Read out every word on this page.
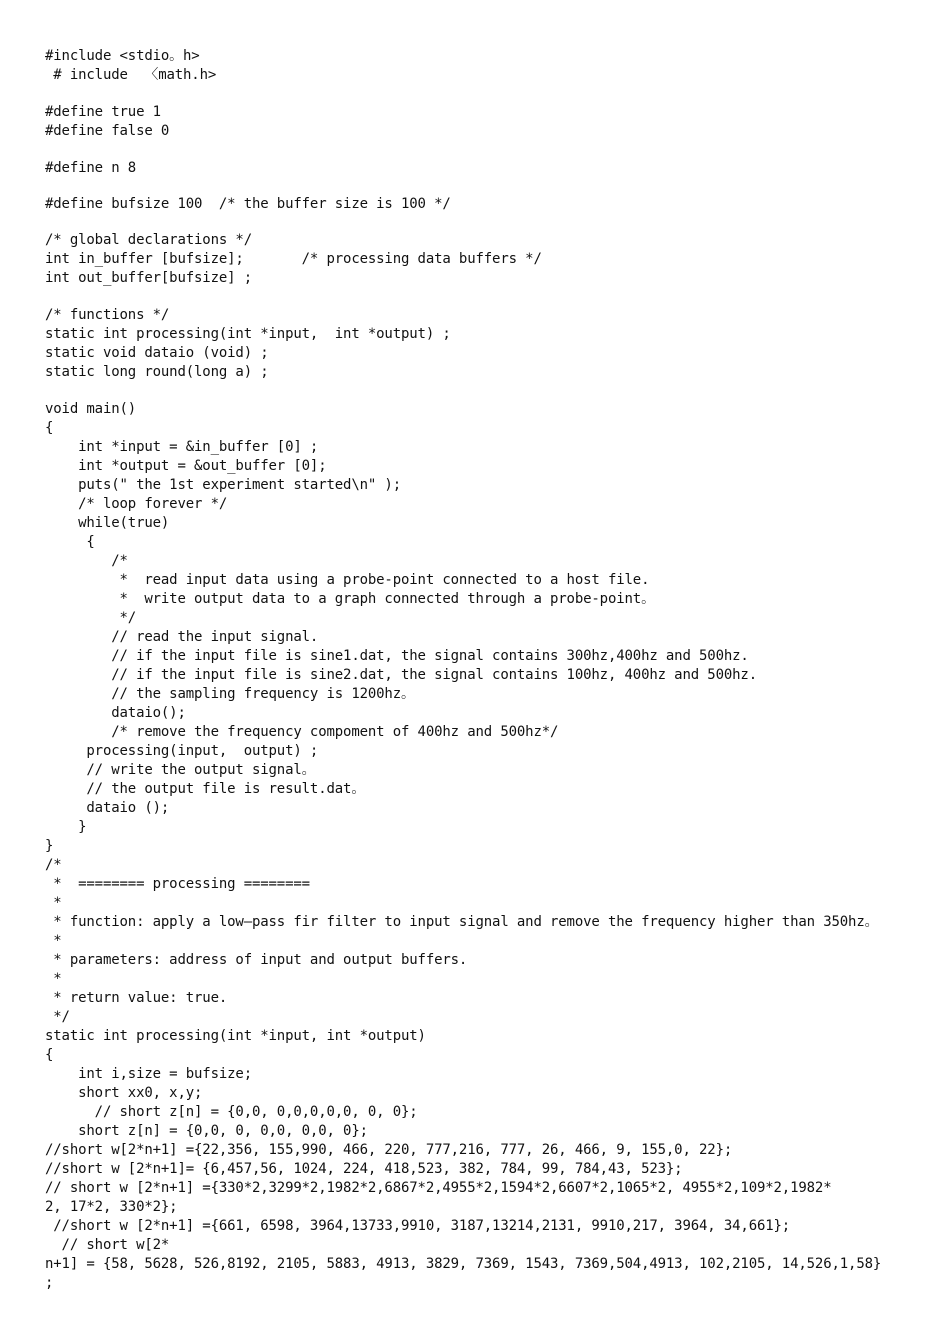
#include <stdio。h>
# include  〈math.h>
#define true 1
#define false 0
#define n 8
#define bufsize 100  /* the buffer size is 100 */
/* global declarations */
int in_buffer [bufsize];       /* processing data buffers */
int out_buffer[bufsize] ;
/* functions */
static int processing(int *input,  int *output) ;
static void dataio (void) ;
static long round(long a) ;
void main()
{
int *input = &in_buffer [0] ;
int *output = &out_buffer [0];
puts(" the 1st experiment started\n" );
/* loop forever */
while(true)
{
/*
*  read input data using a probe-point connected to a host file.
*  write output data to a graph connected through a probe-point。
*/
// read the input signal.
// if the input file is sine1.dat, the signal contains 300hz,400hz and 500hz.
// if the input file is sine2.dat, the signal contains 100hz, 400hz and 500hz.
// the sampling frequency is 1200hz。
dataio();
/* remove the frequency compoment of 400hz and 500hz*/
processing(input,  output) ;
// write the output signal。
// the output file is result.dat。
dataio ();
}
}
/*
*  ======== processing ========
*
* function: apply a low—pass fir filter to input signal and remove the frequency higher than 350hz。
*
* parameters: address of input and output buffers.
*
* return value: true.
*/
static int processing(int *input, int *output)
{
int i,size = bufsize;
short xx0, x,y;
// short z[n] = {0,0, 0,0,0,0,0, 0, 0};
short z[n] = {0,0, 0, 0,0, 0,0, 0};
//short w[2*n+1] ={22,356, 155,990, 466, 220, 777,216, 777, 26, 466, 9, 155,0, 22};
//short w [2*n+1]= {6,457,56, 1024, 224, 418,523, 382, 784, 99, 784,43, 523};
// short w [2*n+1] ={330*2,3299*2,1982*2,6867*2,4955*2,1594*2,6607*2,1065*2, 4955*2,109*2,1982*
2, 17*2, 330*2};
//short w [2*n+1] ={661, 6598, 3964,13733,9910, 3187,13214,2131, 9910,217, 3964, 34,661};
// short w[2*
n+1] = {58, 5628, 526,8192, 2105, 5883, 4913, 3829, 7369, 1543, 7369,504,4913, 102,2105, 14,526,1,58}
;
